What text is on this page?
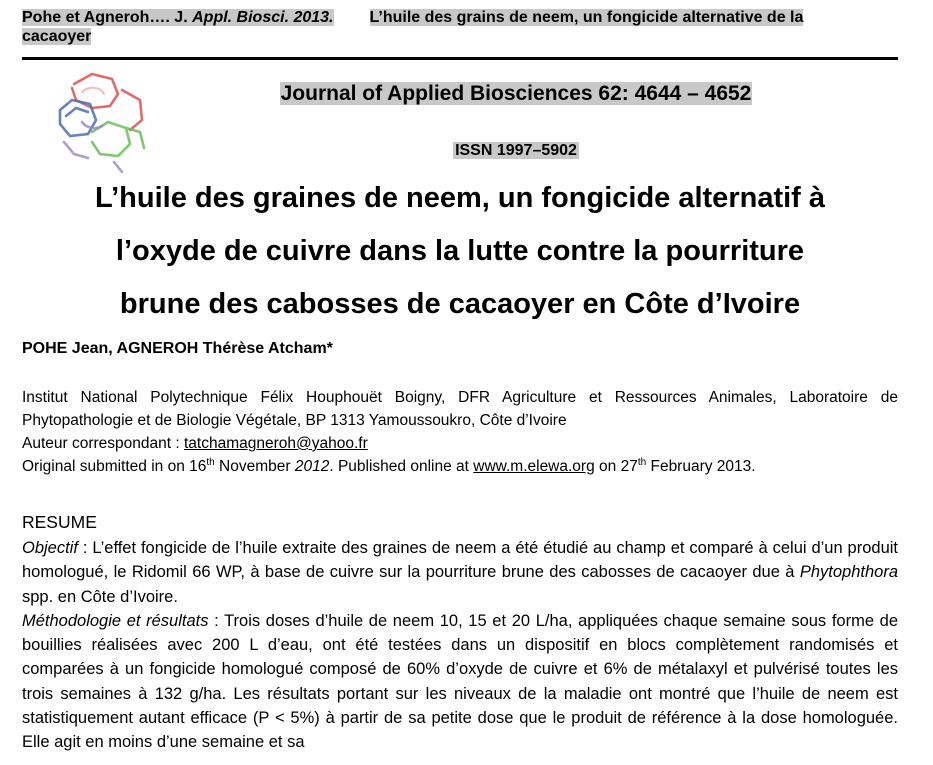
Pohe et Agneroh…. J. Appl. Biosci. 2013. L’huile des grains de neem, un fongicide alternative de la cacaoyer
Journal of Applied Biosciences 62: 4644 – 4652
ISSN 1997–5902
L’huile des graines de neem, un fongicide alternatif à
l’oxyde de cuivre dans la lutte contre la pourriture
brune des cabosses de cacaoyer en Côte d’Ivoire
POHE Jean, AGNEROH Thérèse Atcham*

Institut National Polytechnique Félix Houphouët Boigny, DFR Agriculture et Ressources Animales, Laboratoire de Phytopathologie et de Biologie Végétale, BP 1313 Yamoussoukro, Côte d’Ivoire

Auteur correspondant : tatchamagneroh@yahoo.fr

Original submitted in on 16th November 2012. Published online at www.m.elewa.org on 27th February 2013.

RESUME

Objectif : L’effet fongicide de l’huile extraite des graines de neem a été étudié au champ et comparé à celui d’un produit homologué, le Ridomil 66 WP, à base de cuivre sur la pourriture brune des cabosses de cacaoyer due à Phytophthora spp. en Côte d’Ivoire.

Méthodologie et résultats : Trois doses d’huile de neem 10, 15 et 20 L/ha, appliquées chaque semaine sous forme de bouillies réalisées avec 200 L d’eau, ont été testées dans un dispositif en blocs complètement randomisés et comparées à un fongicide homologué composé de 60% d’oxyde de cuivre et 6% de métalaxyl et pulvérisé toutes les trois semaines à 132 g/ha. Les résultats portant sur les niveaux de la maladie ont montré que l’huile de neem est statistiquement autant efficace (P < 5%) à partir de sa petite dose que le produit de référence à la dose homologuée. Elle agit en moins d’une semaine et sa
